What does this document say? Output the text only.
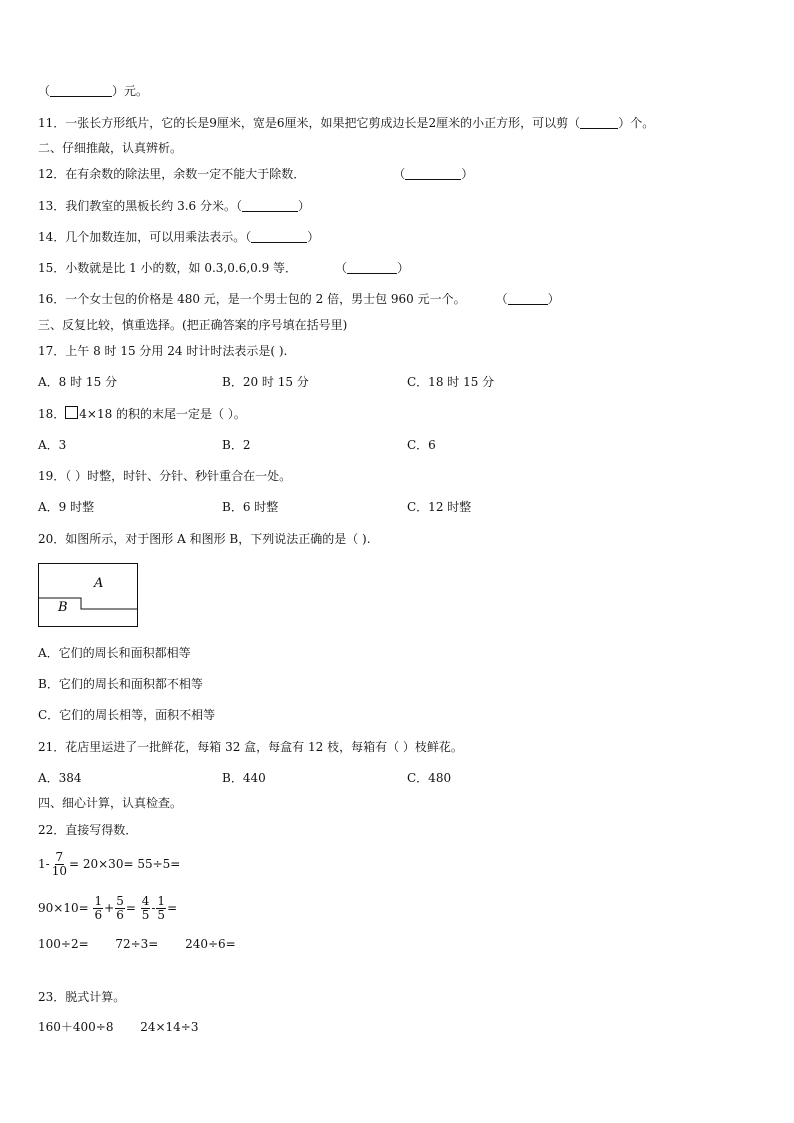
（	）元。
11．一张长方形纸片，它的长是9厘米，宽是6厘米，如果把它剪成边长是2厘米的小正方形，可以剪（	）个。
二、仔细推敲，认真辨析。
12．在有余数的除法里，余数一定不能大于除数．	（	）
13．我们教室的黑板长约 3.6 分米。（	）
14．几个加数连加，可以用乘法表示。（	）
15．小数就是比 1 小的数，如 0.3,0.6,0.9 等．	（	）
16．一个女士包的价格是 480 元，是一个男士包的 2 倍，男士包 960 元一个。	（	）
三、反复比较，慎重选择。(把正确答案的序号填在括号里)
17．上午 8 时 15 分用 24 时计时法表示是( ).
A．8 时 15 分	B．20 时 15 分	C．18 时 15 分
18． 4×18 的积的末尾一定是（ ）。
A．3	B．2	C．6
19．（ ）时整，时针、分针、秒针重合在一处。
A．9 时整	B．6 时整	C．12 时整
20．如图所示，对于图形 A 和图形 B，下列说法正确的是（ ).
A
B
A．它们的周长和面积都相等
B．它们的周长和面积都不相等
C．它们的周长相等，面积不相等
21．花店里运进了一批鲜花，每箱 32 盒，每盒有 12 枝，每箱有（ ）枝鲜花。
A．384	B．440	C．480
四、细心计算，认真检查。
22．直接写得数．
$1- \frac{7}{10} = 20\times 30= 55\div 5=$
$90\times 10= \frac{1}{6} + \frac{5}{6} = \frac{4}{5} - \frac{1}{5}$ =
100÷2=       72÷3=       240÷6=
23．脱式计算。
160＋400÷8       24×14÷3
